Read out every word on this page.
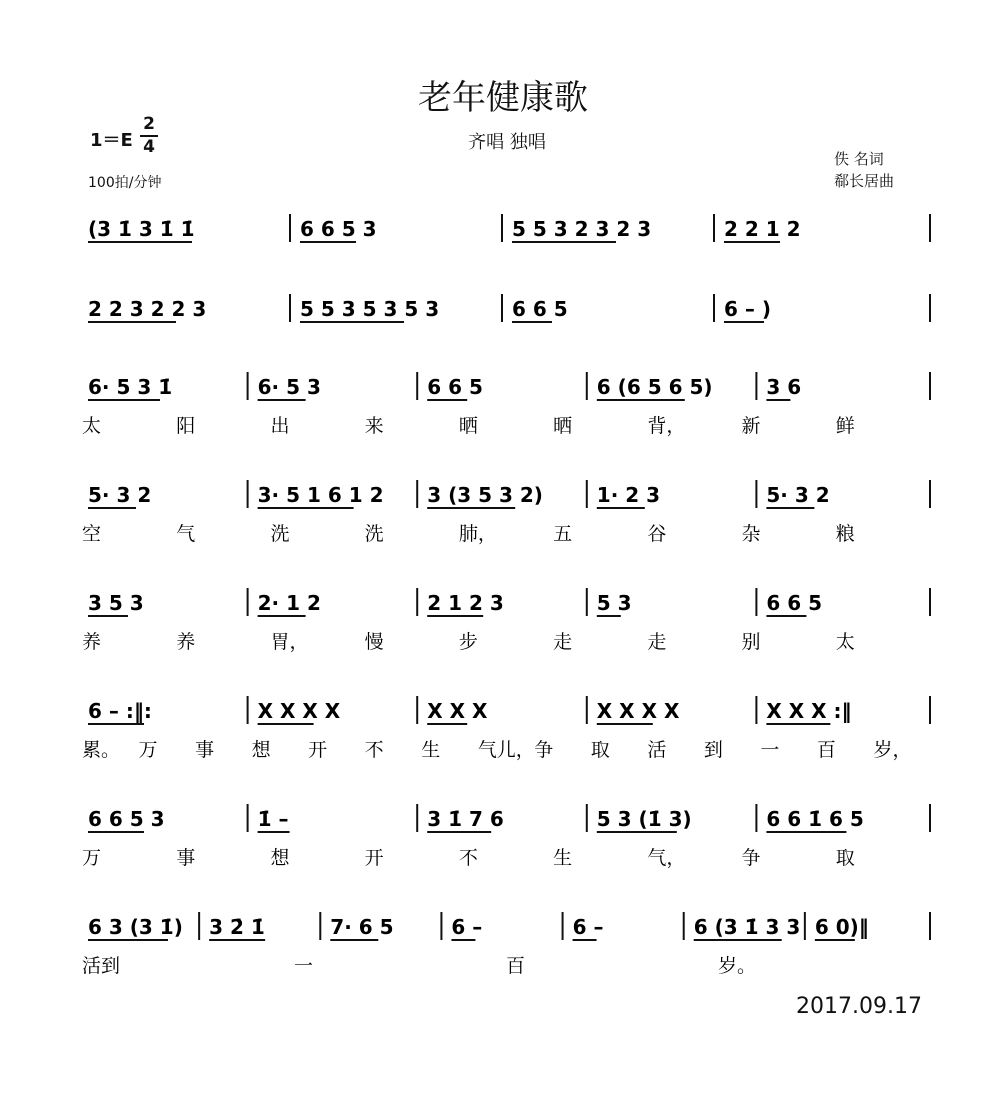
老年健康歌
1＝E
2
4
100拍/分钟
齐唱 独唱
佚 名词
郗长居曲
(3 1̇ 3 1̇ 1̇	6 6 5 3	5 5 3 2 3 2 3	2 2 1 2
2 2 3 2 2 3	5 5 3 5 3 5 3	6 6 5	6 – )
6· 5 3 1̇	6· 5 3	6 6 5	6 (6 5 6 5)	3 6
太	阳	出	来	晒	晒	背，	新	鲜
5· 3 2	3· 5 1 6 1 2 3 (3 5 3 2)	1· 2 3	5· 3 2
空	气	洗	洗	肺，	五	谷	杂	粮
3 5 3	2· 1 2	2 1 2 3	5 3	6 6 5
养	养	胃，	慢	步	走	走	别	太
6 – :‖:	X X X X	X X X	X X X X	X X X :‖
累。 万 事 想 开 不 生 气儿， 争 取 活 到 一 百 岁，
6 6 5 3	1̇ –	3 1̇ 7 6	5 3 (1̇ 3)	6 6 1̇ 6 5
万	事	想	开	不	生	气，	争	取
6 3 (3 1̇) 3 2̇ 1̇	7· 6 5	6 –	6 –	6 (3 1̇ 3 3 6 0)‖
活到	一	百	岁。
2017.09.17
